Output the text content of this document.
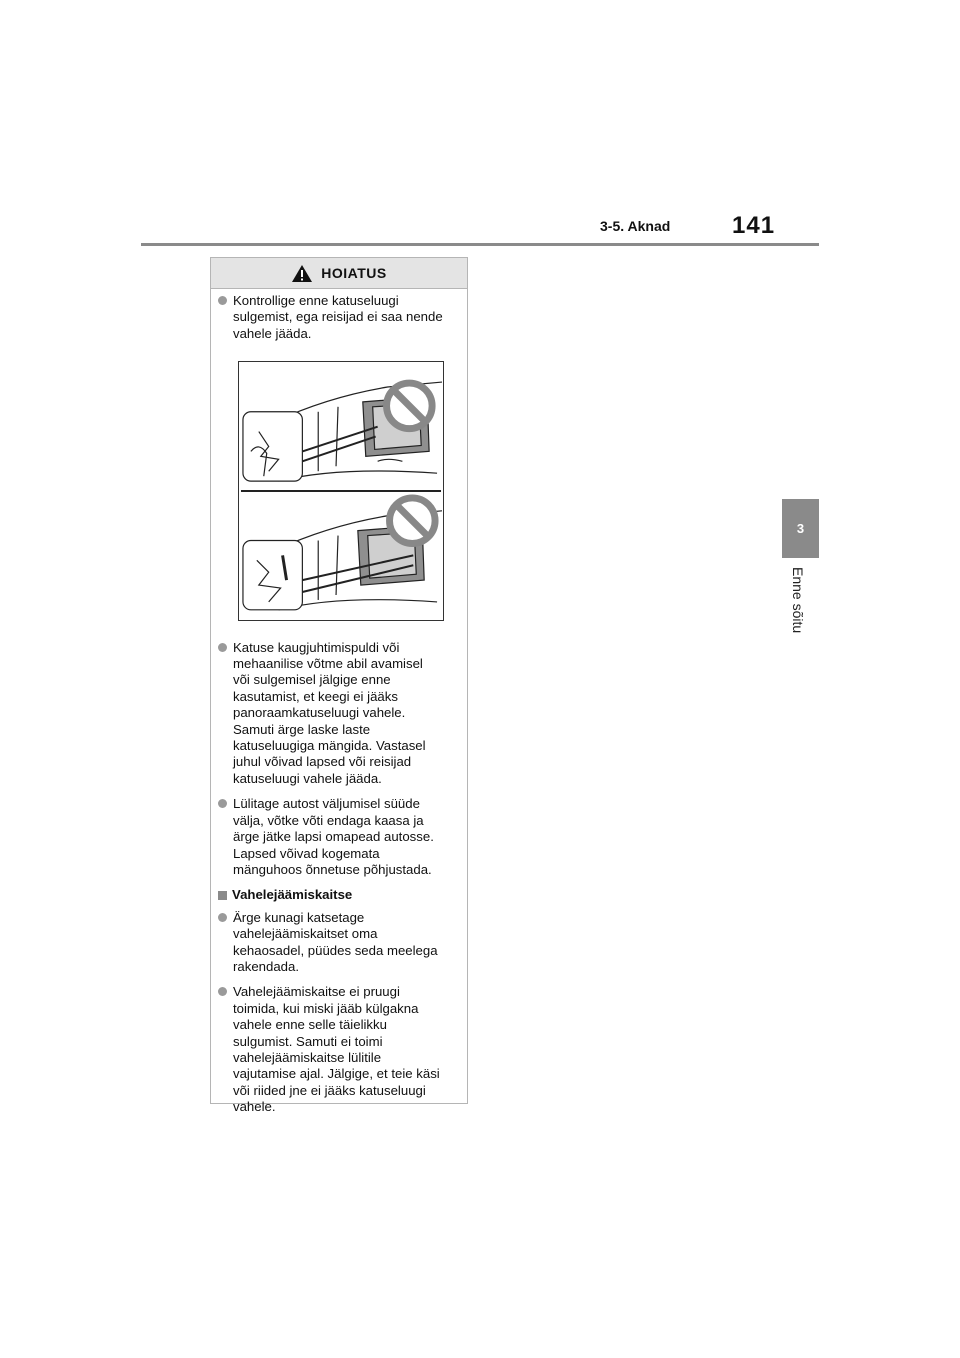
3-5. Aknad	141
3
Enne sõitu
HOIATUS
Kontrollige enne katuseluugi
sulgemist, ega reisijad ei saa nende
vahele jääda.
Katuse kaugjuhtimispuldi või
mehaanilise võtme abil avamisel
või sulgemisel jälgige enne
kasutamist, et keegi ei jääks
panoraamkatuseluugi vahele.
Samuti ärge laske laste
katuseluugiga mängida. Vastasel
juhul võivad lapsed või reisijad
katuseluugi vahele jääda.
Lülitage autost väljumisel süüde
välja, võtke võti endaga kaasa ja
ärge jätke lapsi omapead autosse.
Lapsed võivad kogemata
mänguhoos õnnetuse põhjustada.
Vahelejäämiskaitse
Ärge kunagi katsetage
vahelejäämiskaitset oma
kehaosadel, püüdes seda meelega
rakendada.
Vahelejäämiskaitse ei pruugi
toimida, kui miski jääb külgakna
vahele enne selle täielikku
sulgumist. Samuti ei toimi
vahelejäämiskaitse lülitile
vajutamise ajal. Jälgige, et teie käsi
või riided jne ei jääks katuseluugi
vahele.
